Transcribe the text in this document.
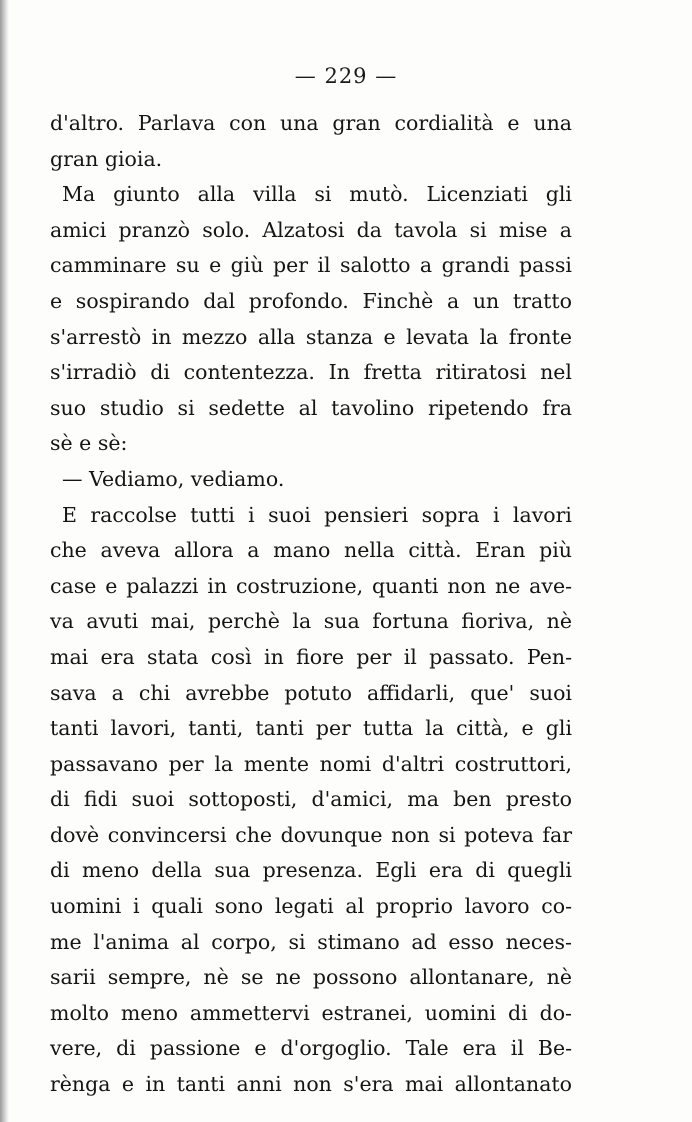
— 229 —
d'altro. Parlava con una gran cordialità e una
gran gioia.
Ma giunto alla villa si mutò. Licenziati gli
amici pranzò solo. Alzatosi da tavola si mise a
camminare su e giù per il salotto a grandi passi
e sospirando dal profondo. Finchè a un tratto
s'arrestò in mezzo alla stanza e levata la fronte
s'irradiò di contentezza. In fretta ritiratosi nel
suo studio si sedette al tavolino ripetendo fra
sè e sè:
— Vediamo, vediamo.
E raccolse tutti i suoi pensieri sopra i lavori
che aveva allora a mano nella città. Eran più
case e palazzi in costruzione, quanti non ne ave-
va avuti mai, perchè la sua fortuna fioriva, nè
mai era stata così in fiore per il passato. Pen-
sava a chi avrebbe potuto affidarli, que' suoi
tanti lavori, tanti, tanti per tutta la città, e gli
passavano per la mente nomi d'altri costruttori,
di fidi suoi sottoposti, d'amici, ma ben presto
dovè convincersi che dovunque non si poteva far
di meno della sua presenza. Egli era di quegli
uomini i quali sono legati al proprio lavoro co-
me l'anima al corpo, si stimano ad esso neces-
sarii sempre, nè se ne possono allontanare, nè
molto meno ammettervi estranei, uomini di do-
vere, di passione e d'orgoglio. Tale era il Be-
rènga e in tanti anni non s'era mai allontanato
